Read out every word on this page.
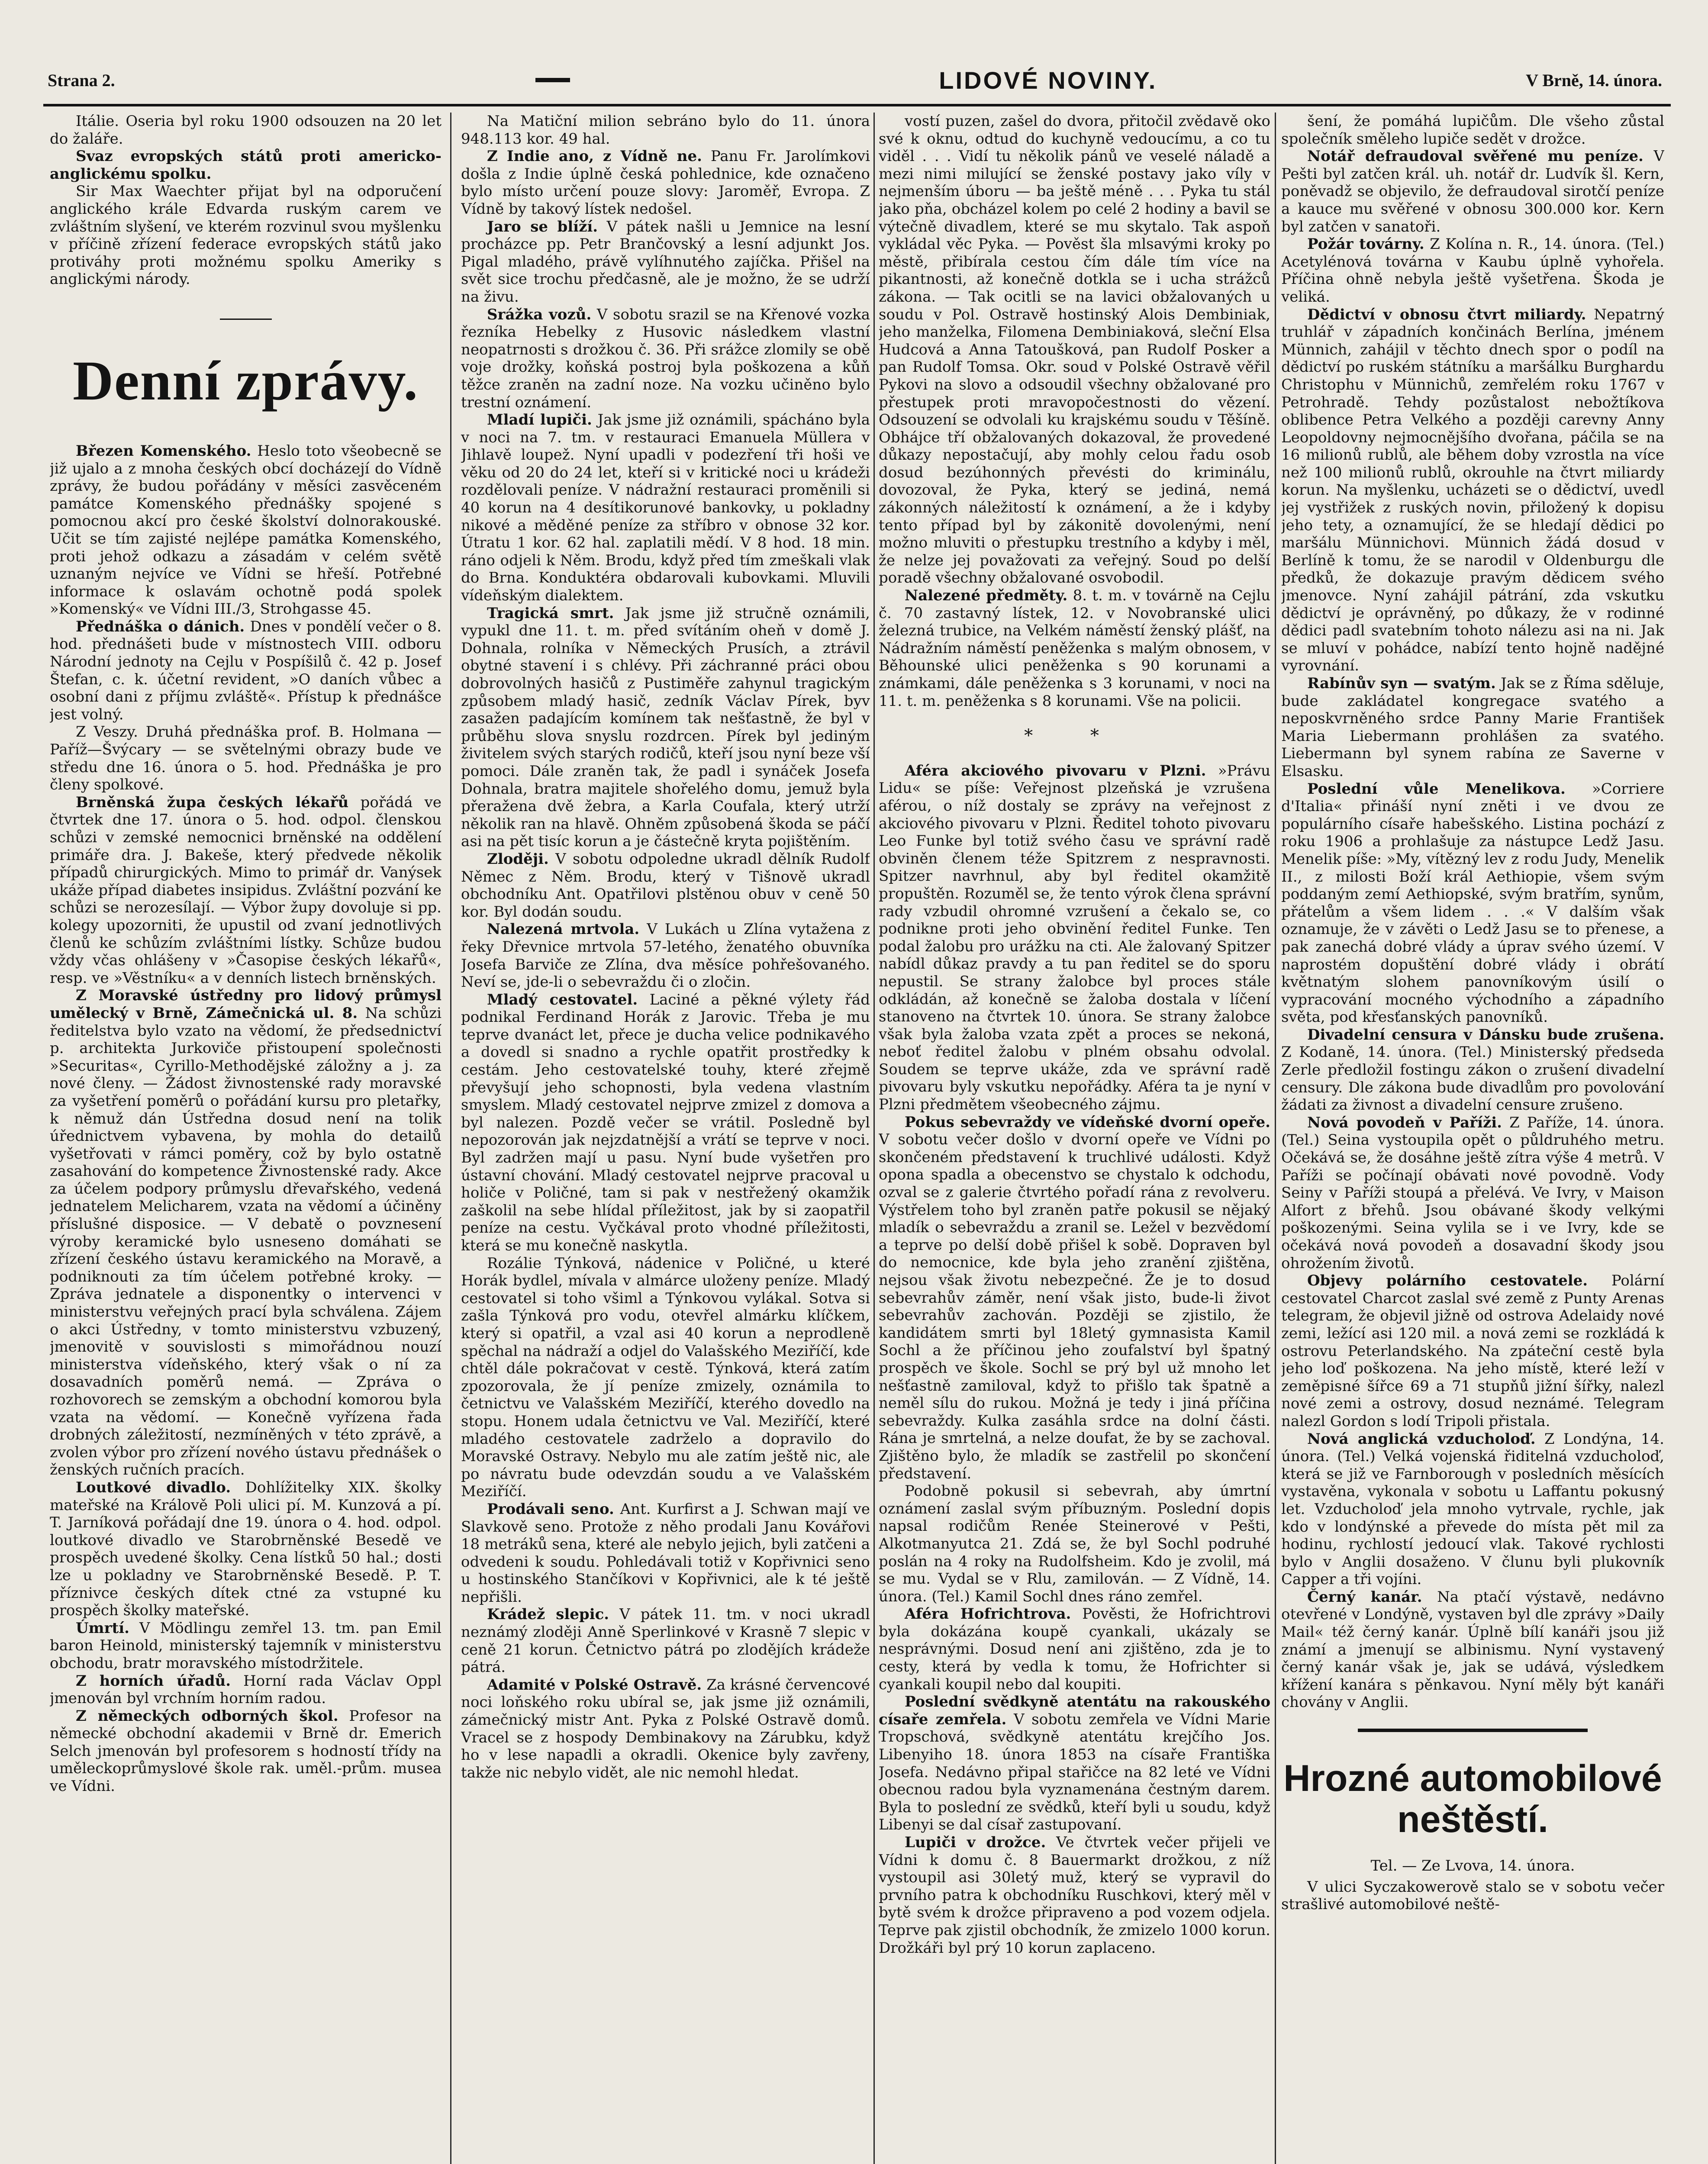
Strana 2.	LIDOVÉ NOVINY.	V Brně, 14. února.

Itálie. Oseria byl roku 1900 odsouzen na 20 let do žaláře.

Svaz evropských států proti americko-anglickému spolku.

Sir Max Waechter přijat byl na odporučení anglického krále Edvarda ruským carem ve zvláštním slyšení, ve kterém rozvinul svou myšlenku v příčině zřízení federace evropských států jako protiváhy proti možnému spolku Ameriky s anglickými národy.

Denní zprávy.

Březen Komenského. Heslo toto všeobecně se již ujalo a z mnoha českých obcí docházejí do Vídně zprávy, že budou pořádány v měsíci zasvěceném památce Komenského přednášky spojené s pomocnou akcí pro české školství dolnorakouské. Učit se tím zajisté nejlépe památka Komenského, proti jehož odkazu a zásadám v celém světě uznaným nejvíce ve Vídni se hřeší. Potřebné informace k oslavám ochotně podá spolek »Komenský« ve Vídni III./3, Strohgasse 45.

Přednáška o dánich. Dnes v pondělí večer o 8. hod. přednášeti bude v místnostech VIII. odboru Národní jednoty na Cejlu v Pospíšilů č. 42 p. Josef Štefan, c. k. účetní revident, »O daních vůbec a osobní dani z příjmu zvláště«. Přístup k přednášce jest volný.

Z Veszy. Druhá přednáška prof. B. Holmana — Paříž—Švýcary — se světelnými obrazy bude ve středu dne 16. února o 5. hod. Přednáška je pro členy spolkové.

Brněnská župa českých lékařů pořádá ve čtvrtek dne 17. února o 5. hod. odpol. členskou schůzi v zemské nemocnici brněnské na oddělení primáře dra. J. Bakeše, který předvede několik případů chirurgických. Mimo to primář dr. Vanýsek ukáže případ diabetes insipidus. Zvláštní pozvání ke schůzi se nerozesílají. — Výbor župy dovoluje si pp. kolegy upozorniti, že upustil od zvaní jednotlivých členů ke schůzím zvláštními lístky. Schůze budou vždy včas ohlášeny v »Časopise českých lékařů«, resp. ve »Věstníku« a v denních listech brněnských.

Z Moravské ústředny pro lidový průmysl umělecký v Brně, Zámečnická ul. 8. Na schůzi ředitelstva bylo vzato na vědomí, že předsednictví p. architekta Jurkoviče přistoupení společnosti »Securitas«, Cyrillo-Methodějské záložny a j. za nové členy. — Žádost živnostenské rady moravské za vyšetření poměrů o pořádání kursu pro pletařky, k němuž dán Ústředna dosud není na tolik úřednictvem vybavena, by mohla do detailů vyšetřovati v rámci poměry, což by bylo ostatně zasahování do kompetence Živnostenské rady. Akce za účelem podpory průmyslu dřevařského, vedená jednatelem Melicharem, vzata na vědomí a účiněny příslušné disposice. — V debatě o povznesení výroby keramické bylo usneseno domáhati se zřízení českého ústavu keramického na Moravě, a podniknouti za tím účelem potřebné kroky. — Zpráva jednatele a disponentky o intervenci v ministerstvu veřejných prací byla schválena. Zájem o akci Ústředny, v tomto ministerstvu vzbuzený, jmenovitě v souvislosti s mimořádnou nouzí ministerstva vídeňského, který však o ní za dosavadních poměrů nemá. — Zpráva o rozhovorech se zemským a obchodní komorou byla vzata na vědomí. — Konečně vyřízena řada drobných záležitostí, nezmíněných v této zprávě, a zvolen výbor pro zřízení nového ústavu přednášek o ženských ručních pracích.

Loutkové divadlo. Dohlížitelky XIX. školky mateřské na Králově Poli ulici pí. M. Kunzová a pí. T. Jarníková pořádají dne 19. února o 4. hod. odpol. loutkové divadlo ve Starobrněnské Besedě ve prospěch uvedené školky. Cena lístků 50 hal.; dosti lze u pokladny ve Starobrněnské Besedě. P. T. příznivce českých dítek ctné za vstupné ku prospěch školky mateřské.

Úmrtí. V Mödlingu zemřel 13. tm. pan Emil baron Heinold, ministerský tajemník v ministerstvu obchodu, bratr moravského místodržitele.

Z horních úřadů. Horní rada Václav Oppl jmenován byl vrchním horním radou.

Z německých odborných škol. Profesor na německé obchodní akademii v Brně dr. Emerich Selch jmenován byl profesorem s hodností třídy na uměleckoprůmyslové škole rak. uměl.-prům. musea ve Vídni.

Na Matiční milion sebráno bylo do 11. února 948.113 kor. 49 hal.

Z Indie ano, z Vídně ne. Panu Fr. Jarolímkovi došla z Indie úplně česká pohlednice, kde označeno bylo místo určení pouze slovy: Jaroměř, Evropa. Z Vídně by takový lístek nedošel.

Jaro se blíží. V pátek našli u Jemnice na lesní procházce pp. Petr Brančovský a lesní adjunkt Jos. Pigal mladého, právě vylíhnutého zajíčka. Přišel na svět sice trochu předčasně, ale je možno, že se udrží na živu.

Srážka vozů. V sobotu srazil se na Křenové vozka řezníka Hebelky z Husovic následkem vlastní neopatrnosti s drožkou č. 36. Při srážce zlomily se obě voje drožky, koňská postroj byla poškozena a kůň těžce zraněn na zadní noze. Na vozku učiněno bylo trestní oznámení.

Mladí lupiči. Jak jsme již oznámili, spácháno byla v noci na 7. tm. v restauraci Emanuela Müllera v Jihlavě loupež. Nyní upadli v podezření tři hoši ve věku od 20 do 24 let, kteří si v kritické noci u krádeži rozdělovali peníze. V nádražní restauraci proměnili si 40 korun na 4 desítikorunové bankovky, u pokladny nikové a měděné peníze za stříbro v obnose 32 kor. Útratu 1 kor. 62 hal. zaplatili mědí. V 8 hod. 18 min. ráno odjeli k Něm. Brodu, když před tím zmeškali vlak do Brna. Konduktéra obdarovali kubovkami. Mluvili vídeňským dialektem.

Tragická smrt. Jak jsme již stručně oznámili, vypukl dne 11. t. m. před svítáním oheň v domě J. Dohnala, rolníka v Německých Prusích, a ztrávil obytné stavení i s chlévy. Při záchranné práci obou dobrovolných hasičů z Pustiměře zahynul tragickým způsobem mladý hasič, zedník Václav Pírek, byv zasažen padajícím komínem tak nešťastně, že byl v průběhu slova snyslu rozdrcen. Pírek byl jediným živitelem svých starých rodičů, kteří jsou nyní beze vší pomoci. Dále zraněn tak, že padl i synáček Josefa Dohnala, bratra majitele shořelého domu, jemuž byla přeražena dvě žebra, a Karla Coufala, který utrží několik ran na hlavě. Ohněm způsobená škoda se páčí asi na pět tisíc korun a je částečně kryta pojištěním.

Zloději. V sobotu odpoledne ukradl dělník Rudolf Němec z Něm. Brodu, který v Tišnově ukradl obchodníku Ant. Opatřilovi plstěnou obuv v ceně 50 kor. Byl dodán soudu.

Nalezená mrtvola. V Lukách u Zlína vytažena z řeky Dřevnice mrtvola 57-letého, ženatého obuvníka Josefa Barviče ze Zlína, dva měsíce pohřešovaného. Neví se, jde-li o sebevraždu či o zločin.

Mladý cestovatel. Laciné a pěkné výlety řád podnikal Ferdinand Horák z Jarovic. Třeba je mu teprve dvanáct let, přece je ducha velice podnikavého a dovedl si snadno a rychle opatřit prostředky k cestám. Jeho cestovatelské touhy, které zřejmě převyšují jeho schopnosti, byla vedena vlastním smyslem. Mladý cestovatel nejprve zmizel z domova a byl nalezen. Pozdě večer se vrátil. Posledně byl nepozorován jak nejzdatnější a vrátí se teprve v noci. Byl zadržen mají u pasu. Nyní bude vyšetřen pro ústavní chování. Mladý cestovatel nejprve pracoval u holiče v Poličné, tam si pak v nestřežený okamžik zaškolil na sebe hlídal příležitost, jak by si zaopatřil peníze na cestu. Vyčkával proto vhodné příležitosti, která se mu konečně naskytla.

Rozálie Týnková, nádenice v Poličné, u které Horák bydlel, mívala v almárce uloženy peníze. Mladý cestovatel si toho všiml a Týnkovou vylákal. Sotva si zašla Týnková pro vodu, otevřel almárku klíčkem, který si opatřil, a vzal asi 40 korun a neprodleně spěchal na nádraží a odjel do Valašského Meziříčí, kde chtěl dále pokračovat v cestě. Týnková, která zatím zpozorovala, že jí peníze zmizely, oznámila to četnictvu ve Valašském Meziříčí, kterého dovedlo na stopu. Honem udala četnictvu ve Val. Meziříčí, které mladého cestovatele zadrželo a dopravilo do Moravské Ostravy. Nebylo mu ale zatím ještě nic, ale po návratu bude odevzdán soudu a ve Valašském Meziříčí.

Prodávali seno. Ant. Kurfirst a J. Schwan mají ve Slavkově seno. Protože z něho prodali Janu Kovářovi 18 metráků sena, které ale nebylo jejich, byli zatčeni a odvedeni k soudu. Pohledávali totiž v Kopřivnici seno u hostinského Stančíkovi v Kopřivnici, ale k té ještě nepřišli.

Krádež slepic. V pátek 11. tm. v noci ukradl neznámý zloději Anně Sperlinkové v Krasně 7 slepic v ceně 21 korun. Četnictvo pátrá po zlodějích krádeže pátrá.

Adamité v Polské Ostravě. Za krásné červencové noci loňského roku ubíral se, jak jsme již oznámili, zámečnický mistr Ant. Pyka z Polské Ostravě domů. Vracel se z hospody Dembinakovy na Zárubku, když ho v lese napadli a okradli. Okenice byly zavřeny, takže nic nebylo vidět, ale nic nemohl hledat.

vostí puzen, zašel do dvora, přitočil zvědavě oko své k oknu, odtud do kuchyně vedoucímu, a co tu viděl . . . Vidí tu několik pánů ve veselé náladě a mezi nimi milující se ženské postavy jako víly v nejmenším úboru — ba ještě méně . . . Pyka tu stál jako pňa, obcházel kolem po celé 2 hodiny a bavil se výtečně divadlem, které se mu skytalo. Tak aspoň vykládal věc Pyka. — Pověst šla mlsavými kroky po městě, přibírala cestou čím dále tím více na pikantnosti, až konečně dotkla se i ucha strážců zákona. — Tak ocitli se na lavici obžalovaných u soudu v Pol. Ostravě hostinský Alois Dembiniak, jeho manželka, Filomena Dembiniaková, sleční Elsa Hudcová a Anna Tatoušková, pan Rudolf Posker a pan Rudolf Tomsa. Okr. soud v Polské Ostravě věřil Pykovi na slovo a odsoudil všechny obžalované pro přestupek proti mravopočestnosti do vězení. Odsouzení se odvolali ku krajskému soudu v Těšíně. Obhájce tří obžalovaných dokazoval, že provedené důkazy nepostačují, aby mohly celou řadu osob dosud bezúhonných převésti do kriminálu, dovozoval, že Pyka, který se jediná, nemá zákonných náležitostí k oznámení, a že i kdyby tento případ byl by zákonitě dovolenými, není možno mluviti o přestupku trestního a kdyby i měl, že nelze jej považovati za veřejný. Soud po delší poradě všechny obžalované osvobodil.

Nalezené předměty. 8. t. m. v továrně na Cejlu č. 70 zastavný lístek, 12. v Novobranské ulici železná trubice, na Velkém náměstí ženský plášť, na Nádražním náměstí peněženka s malým obnosem, v Běhounské ulici peněženka s 90 korunami a známkami, dále peněženka s 3 korunami, v noci na 11. t. m. peněženka s 8 korunami. Vše na policii.

* *

Aféra akciového pivovaru v Plzni. »Právu Lidu« se píše: Veřejnost plzeňská je vzrušena aférou, o níž dostaly se zprávy na veřejnost z akciového pivovaru v Plzni. Ředitel tohoto pivovaru Leo Funke byl totiž svého času ve správní radě obviněn členem téže Spitzrem z nespravnosti. Spitzer navrhnul, aby byl ředitel okamžitě propuštěn. Rozuměl se, že tento výrok člena správní rady vzbudil ohromné vzrušení a čekalo se, co podnikne proti jeho obvinění ředitel Funke. Ten podal žalobu pro urážku na cti. Ale žalovaný Spitzer nabídl důkaz pravdy a tu pan ředitel se do sporu nepustil. Se strany žalobce byl proces stále odkládán, až konečně se žaloba dostala v líčení stanoveno na čtvrtek 10. února. Se strany žalobce však byla žaloba vzata zpět a proces se nekoná, neboť ředitel žalobu v plném obsahu odvolal. Soudem se teprve ukáže, zda ve správní radě pivovaru byly vskutku nepořádky. Aféra ta je nyní v Plzni předmětem všeobecného zájmu.

Pokus sebevraždy ve vídeňské dvorní opeře. V sobotu večer došlo v dvorní opeře ve Vídni po skončeném představení k truchlivé události. Když opona spadla a obecenstvo se chystalo k odchodu, ozval se z galerie čtvrtého pořadí rána z revolveru. Výstřelem toho byl zraněn patře pokusil se nějaký mladík o sebevraždu a zranil se. Ležel v bezvědomí a teprve po delší době přišel k sobě. Dopraven byl do nemocnice, kde byla jeho zranění zjištěna, nejsou však životu nebezpečné. Že je to dosud sebevrahův záměr, není však jisto, bude-li život sebevrahův zachován. Později se zjistilo, že kandidátem smrti byl 18letý gymnasista Kamil Sochl a že příčinou jeho zoufalství byl špatný prospěch ve škole. Sochl se prý byl už mnoho let nešťastně zamiloval, když to přišlo tak špatně a neměl sílu do rukou. Možná je tedy i jiná příčina sebevraždy. Kulka zasáhla srdce na dolní části. Rána je smrtelná, a nelze doufat, že by se zachoval. Zjištěno bylo, že mladík se zastřelil po skončení představení.

Podobně pokusil si sebevrah, aby úmrtní oznámení zaslal svým příbuzným. Poslední dopis napsal rodičům Renée Steinerové v Pešti, Alkotmanyutca 21. Zdá se, že byl Sochl podruhé poslán na 4 roky na Rudolfsheim. Kdo je zvolil, má se mu. Vydal se v Rlu, zamilován. — Z Vídně, 14. února. (Tel.) Kamil Sochl dnes ráno zemřel.

Aféra Hofrichtrova. Pověsti, že Hofrichtrovi byla dokázána koupě cyankali, ukázaly se nesprávnými. Dosud není ani zjištěno, zda je to cesty, která by vedla k tomu, že Hofrichter si cyankali koupil nebo dal koupiti.

Poslední svědkyně atentátu na rakouského císaře zemřela. V sobotu zemřela ve Vídni Marie Tropschová, svědkyně atentátu krejčího Jos. Libenyiho 18. února 1853 na císaře Františka Josefa. Nedávno připal stařičce na 82 leté ve Vídni obecnou radou byla vyznamenána čestným darem. Byla to poslední ze svědků, kteří byli u soudu, když Libenyi se dal císař zastupovaní.

Lupiči v drožce. Ve čtvrtek večer přijeli ve Vídni k domu č. 8 Bauermarkt drožkou, z níž vystoupil asi 30letý muž, který se vypravil do prvního patra k obchodníku Ruschkovi, který měl v bytě svém k drožce připraveno a pod vozem odjela. Teprve pak zjistil obchodník, že zmizelo 1000 korun. Drožkáři byl prý 10 korun zaplaceno.

šení, že pomáhá lupičům. Dle všeho zůstal společník směleho lupiče sedět v drožce.

Notář defraudoval svěřené mu peníze. V Pešti byl zatčen král. uh. notář dr. Ludvík šl. Kern, poněvadž se objevilo, že defraudoval sirotčí peníze a kauce mu svěřené v obnosu 300.000 kor. Kern byl zatčen v sanatoři.

Požár továrny. Z Kolína n. R., 14. února. (Tel.) Acetylénová továrna v Kaubu úplně vyhořela. Příčina ohně nebyla ještě vyšetřena. Škoda je veliká.

Dědictví v obnosu čtvrt miliardy. Nepatrný truhlář v západních končinách Berlína, jménem Münnich, zahájil v těchto dnech spor o podíl na dědictví po ruském státníku a maršálku Burghardu Christophu v Münnichů, zemřelém roku 1767 v Petrohradě. Tehdy pozůstalost nebožtíkova oblibence Petra Velkého a později carevny Anny Leopoldovny nejmocnějšího dvořana, páčila se na 16 milionů rublů, ale během doby vzrostla na více než 100 milionů rublů, okrouhle na čtvrt miliardy korun. Na myšlenku, ucházeti se o dědictví, uvedl jej vystřižek z ruských novin, přiložený k dopisu jeho tety, a oznamující, že se hledají dědici po maršálu Münnichovi. Münnich žádá dosud v Berlíně k tomu, že se narodil v Oldenburgu dle předků, že dokazuje pravým dědicem svého jmenovce. Nyní zahájil pátrání, zda vskutku dědictví je oprávněný, po důkazy, že v rodinné dědici padl svatebním tohoto nálezu asi na ni. Jak se mluví v pohádce, nabízí tento hojně nadějné vyrovnání.

Rabínův syn — svatým. Jak se z Říma sděluje, bude zakládatel kongregace svatého a neposkvrněného srdce Panny Marie František Maria Liebermann prohlášen za svatého. Liebermann byl synem rabína ze Saverne v Elsasku.

Poslední vůle Menelikova. »Corriere d'Italia« přináší nyní zněti i ve dvou ze populárního císaře habešského. Listina pochází z roku 1906 a prohlašuje za nástupce Ledž Jasu. Menelik píše: »My, vítězný lev z rodu Judy, Menelik II., z milosti Boží král Aethiopie, všem svým poddaným zemí Aethiopské, svým bratřím, synům, přátelům a všem lidem . . .« V dalším však oznamuje, že v závěti o Ledž Jasu se to přenese, a pak zanechá dobré vlády a úprav svého území. V naprostém dopuštění dobré vlády i obrátí květnatým slohem panovníkovým úsilí o vypracování mocného východního a západního světa, pod křesťanských panovníků.

Divadelní censura v Dánsku bude zrušena. Z Kodaně, 14. února. (Tel.) Ministerský předseda Zerle předložil fostingu zákon o zrušení divadelní censury. Dle zákona bude divadlům pro povolování žádati za živnost a divadelní censure zrušeno.

Nová povodeň v Paříži. Z Paříže, 14. února. (Tel.) Seina vystoupila opět o půldruhého metru. Očekává se, že dosáhne ještě zítra výše 4 metrů. V Paříži se počínají obávati nové povodně. Vody Seiny v Paříži stoupá a přelévá. Ve Ivry, v Maison Alfort z břehů. Jsou obávané škody velkými poškozenými. Seina vylila se i ve Ivry, kde se očekává nová povodeň a dosavadní škody jsou ohrožením životů.

Objevy polárního cestovatele. Polární cestovatel Charcot zaslal své země z Punty Arenas telegram, že objevil jižně od ostrova Adelaidy nové zemi, ležící asi 120 mil. a nová zemi se rozkládá k ostrovu Peterlandského. Na zpáteční cestě byla jeho loď poškozena. Na jeho místě, které leží v zeměpisné šířce 69 a 71 stupňů jižní šířky, nalezl nové zemi a ostrovy, dosud neznámé. Telegram nalezl Gordon s lodí Tripoli přistala.

Nová anglická vzducholoď. Z Londýna, 14. února. (Tel.) Velká vojenská řiditelná vzducholoď, která se již ve Farnborough v posledních měsících vystavěna, vykonala v sobotu u Laffantu pokusný let. Vzducholoď jela mnoho vytrvale, rychle, jak kdo v londýnské a převede do místa pět mil za hodinu, rychlostí jedoucí vlak. Takové rychlosti bylo v Anglii dosaženo. V člunu byli plukovník Capper a tři vojíni.

Černý kanár. Na ptačí výstavě, nedávno otevřené v Londýně, vystaven byl dle zprávy »Daily Mail« též černý kanár. Úplně bílí kanáři jsou již známí a jmenují se albinismu. Nyní vystavený černý kanár však je, jak se udává, výsledkem křížení kanára s pěnkavou. Nyní měly být kanáři chovány v Anglii.

Hrozné automobilové neštěstí.
Tel. — Ze Lvova, 14. února.

V ulici Syczakowerově stalo se v sobotu večer strašlivé automobilové neště-
